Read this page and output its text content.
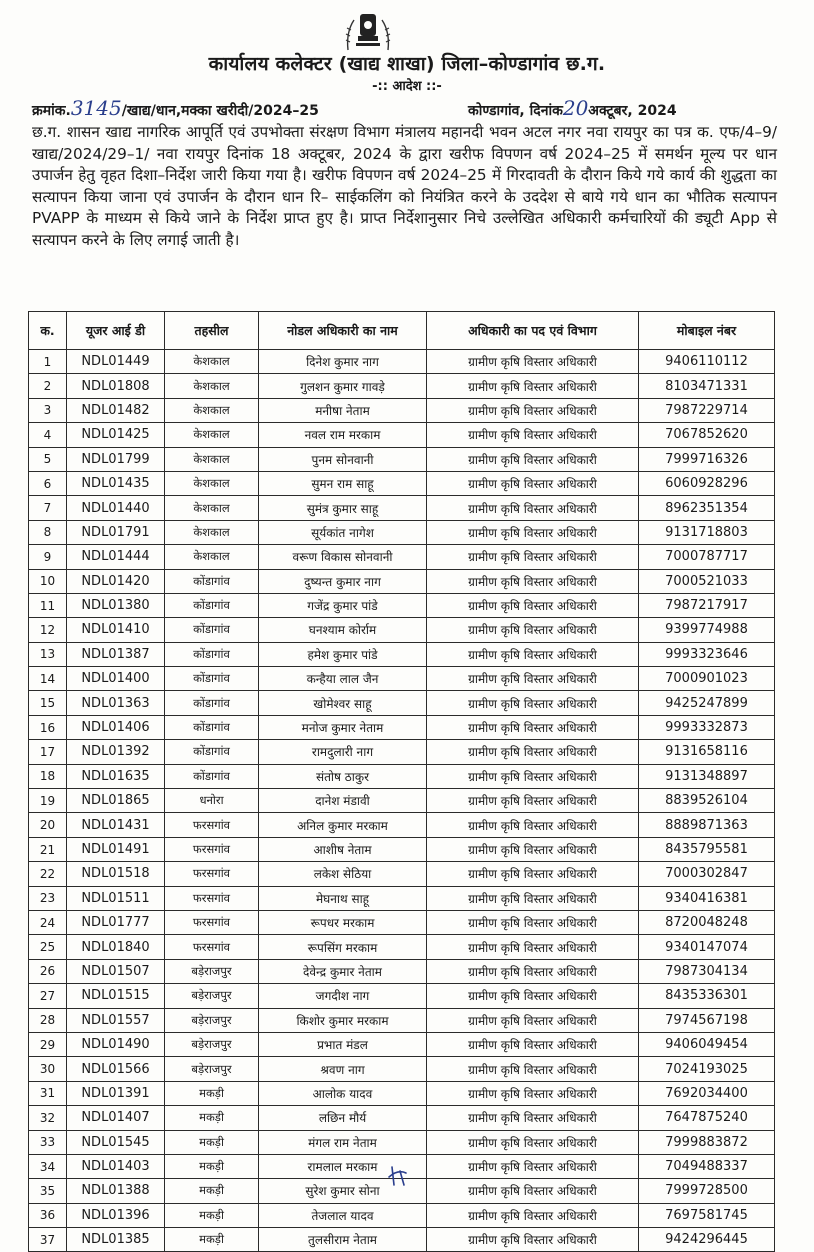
कार्यालय कलेक्टर (खाद्य शाखा) जिला–कोण्डागांव छ.ग.
-:: आदेश ::-
क्रमांक.3145/खाद्य/धान,मक्का खरीदी/2024–25	कोण्डागांव, दिनांक20अक्टूबर, 2024
छ.ग. शासन खाद्य नागरिक आपूर्ति एवं उपभोक्ता संरक्षण विभाग मंत्रालय महानदी भवन अटल नगर नवा रायपुर का पत्र क. एफ/4–9/खाद्य/2024/29–1/ नवा रायपुर दिनांक 18 अक्टूबर, 2024 के द्वारा खरीफ विपणन वर्ष 2024–25 में समर्थन मूल्य पर धान उपार्जन हेतु वृहत दिशा–निर्देश जारी किया गया है। खरीफ विपणन वर्ष 2024–25 में गिरदावती के दौरान किये गये कार्य की शुद्धता का सत्यापन किया जाना एवं उपार्जन के दौरान धान रि– साईकलिंग को नियंत्रित करने के उददेश से बाये गये धान का भौतिक सत्यापन PVAPP के माध्यम से किये जाने के निर्देश प्राप्त हुए है। प्राप्त निर्देशानुसार निचे उल्लेखित अधिकारी कर्मचारियों की ड्यूटी App से सत्यापन करने के लिए लगाई जाती है।
क.	यूजर आई डी	तहसील	नोडल अधिकारी का नाम	अधिकारी का पद एवं विभाग	मोबाइल नंबर
1	NDL01449	केशकाल	दिनेश कुमार नाग	ग्रामीण कृषि विस्तार अधिकारी	9406110112
2	NDL01808	केशकाल	गुलशन कुमार गावड़े	ग्रामीण कृषि विस्तार अधिकारी	8103471331
3	NDL01482	केशकाल	मनीषा नेताम	ग्रामीण कृषि विस्तार अधिकारी	7987229714
4	NDL01425	केशकाल	नवल राम मरकाम	ग्रामीण कृषि विस्तार अधिकारी	7067852620
5	NDL01799	केशकाल	पुनम सोनवानी	ग्रामीण कृषि विस्तार अधिकारी	7999716326
6	NDL01435	केशकाल	सुमन राम साहू	ग्रामीण कृषि विस्तार अधिकारी	6060928296
7	NDL01440	केशकाल	सुमंत्र कुमार साहू	ग्रामीण कृषि विस्तार अधिकारी	8962351354
8	NDL01791	केशकाल	सूर्यकांत नागेश	ग्रामीण कृषि विस्तार अधिकारी	9131718803
9	NDL01444	केशकाल	वरूण विकास सोनवानी	ग्रामीण कृषि विस्तार अधिकारी	7000787717
10	NDL01420	कोंडागांव	दुष्यन्त कुमार नाग	ग्रामीण कृषि विस्तार अधिकारी	7000521033
11	NDL01380	कोंडागांव	गजेंद्र कुमार पांडे	ग्रामीण कृषि विस्तार अधिकारी	7987217917
12	NDL01410	कोंडागांव	घनश्याम कोर्राम	ग्रामीण कृषि विस्तार अधिकारी	9399774988
13	NDL01387	कोंडागांव	हमेश कुमार पांडे	ग्रामीण कृषि विस्तार अधिकारी	9993323646
14	NDL01400	कोंडागांव	कन्हैया लाल जैन	ग्रामीण कृषि विस्तार अधिकारी	7000901023
15	NDL01363	कोंडागांव	खोमेश्वर साहू	ग्रामीण कृषि विस्तार अधिकारी	9425247899
16	NDL01406	कोंडागांव	मनोज कुमार नेताम	ग्रामीण कृषि विस्तार अधिकारी	9993332873
17	NDL01392	कोंडागांव	रामदुलारी नाग	ग्रामीण कृषि विस्तार अधिकारी	9131658116
18	NDL01635	कोंडागांव	संतोष ठाकुर	ग्रामीण कृषि विस्तार अधिकारी	9131348897
19	NDL01865	धनोरा	दानेश मंडावी	ग्रामीण कृषि विस्तार अधिकारी	8839526104
20	NDL01431	फरसगांव	अनिल कुमार मरकाम	ग्रामीण कृषि विस्तार अधिकारी	8889871363
21	NDL01491	फरसगांव	आशीष नेताम	ग्रामीण कृषि विस्तार अधिकारी	8435795581
22	NDL01518	फरसगांव	लकेश सेठिया	ग्रामीण कृषि विस्तार अधिकारी	7000302847
23	NDL01511	फरसगांव	मेघनाथ साहू	ग्रामीण कृषि विस्तार अधिकारी	9340416381
24	NDL01777	फरसगांव	रूपधर मरकाम	ग्रामीण कृषि विस्तार अधिकारी	8720048248
25	NDL01840	फरसगांव	रूपसिंग मरकाम	ग्रामीण कृषि विस्तार अधिकारी	9340147074
26	NDL01507	बड़ेराजपुर	देवेन्द्र कुमार नेताम	ग्रामीण कृषि विस्तार अधिकारी	7987304134
27	NDL01515	बड़ेराजपुर	जगदीश नाग	ग्रामीण कृषि विस्तार अधिकारी	8435336301
28	NDL01557	बड़ेराजपुर	किशोर कुमार मरकाम	ग्रामीण कृषि विस्तार अधिकारी	7974567198
29	NDL01490	बड़ेराजपुर	प्रभात मंडल	ग्रामीण कृषि विस्तार अधिकारी	9406049454
30	NDL01566	बड़ेराजपुर	श्रवण नाग	ग्रामीण कृषि विस्तार अधिकारी	7024193025
31	NDL01391	मकड़ी	आलोक यादव	ग्रामीण कृषि विस्तार अधिकारी	7692034400
32	NDL01407	मकड़ी	लछिन मौर्य	ग्रामीण कृषि विस्तार अधिकारी	7647875240
33	NDL01545	मकड़ी	मंगल राम नेताम	ग्रामीण कृषि विस्तार अधिकारी	7999883872
34	NDL01403	मकड़ी	रामलाल मरकाम	ग्रामीण कृषि विस्तार अधिकारी	7049488337
35	NDL01388	मकड़ी	सुरेश कुमार सोना	ग्रामीण कृषि विस्तार अधिकारी	7999728500
36	NDL01396	मकड़ी	तेजलाल यादव	ग्रामीण कृषि विस्तार अधिकारी	7697581745
37	NDL01385	मकड़ी	तुलसीराम नेताम	ग्रामीण कृषि विस्तार अधिकारी	9424296445
